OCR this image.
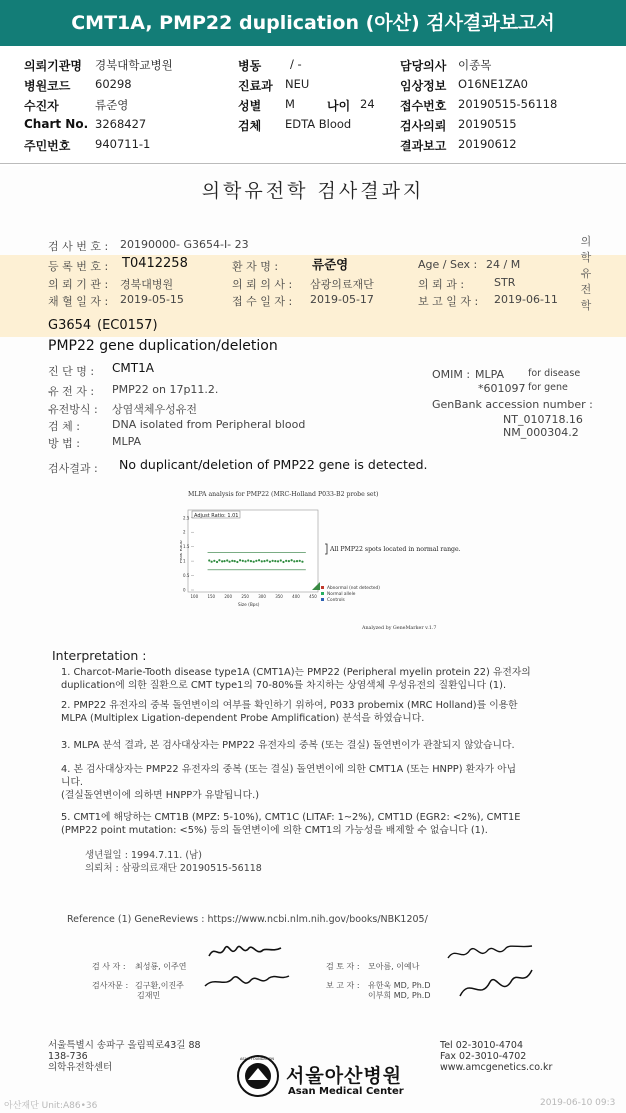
CMT1A, PMP22 duplication (아산) 검사결과보고서
의뢰기관명 경북대학교병원	병동	/ -	담당의사 이종목
병원코드 60298	진료과 NEU	임상정보 O16NE1ZA0
수진자	류준영	성별 M	나이 24 접수번호 20190515-56118
Chart No. 3268427	검체 EDTA Blood	검사의뢰 20190515
주민번호 940711-1	결과보고 20190612
의학유전학 검사결과지
검 사 번 호 : 20190000- G3654-I- 23
등 록 번 호 : T0412258	환 자 명 :	류준영	Age / Sex : 24 / M
의 뢰 기 관 : 경북대병원	의 뢰 의 사 : 삼광의료재단	의 뢰 과 :	STR
채 혈 일 자 : 2019-05-15	접 수 일 자 : 2019-05-17	보 고 일 자 : 2019-06-11
의
학
유
전
학
G3654 (EC0157)
PMP22 gene duplication/deletion
진 단 명 : CMT1A
유 전 자 : PMP22 on 17p11.2.
유전방식 : 상염색체우성유전
검 체 :	DNA isolated from Peripheral blood
방 법 :	MLPA
OMIM : MLPA	for disease
*601097 for gene
GenBank accession number :
NT_010718.16
NM_000304.2
검사결과 : No duplicant/deletion of PMP22 gene is detected.
MLPA analysis for PMP22 (MRC-Holland P033-B2 probe set)
Adjust Ratio: 1.01
Peak Ratio
Size (Bps)
2.5
2
1.5
1
0.5
0
100 150 200 250 300 350 400 450
All PMP22 spots located in normal range.
Abnormal (not detected)
Normal allele
Controls
Analyzed by GeneMarker v.1.7
Interpretation :

1. Charcot-Marie-Tooth disease type1A (CMT1A)는 PMP22 (Peripheral myelin protein 22) 유전자의

duplication에 의한 질환으로 CMT type1의 70-80%를 차지하는 상염색체 우성유전의 질환입니다 (1).

2. PMP22 유전자의 중복 돌연변이의 여부를 확인하기 위하여, P033 probemix (MRC Holland)를 이용한

MLPA (Multiplex Ligation-dependent Probe Amplification) 분석을 하였습니다.

3. MLPA 분석 결과, 본 검사대상자는 PMP22 유전자의 중복 (또는 결실) 돌연변이가 관찰되지 않았습니다.

4. 본 검사대상자는 PMP22 유전자의 중복 (또는 결실) 돌연변이에 의한 CMT1A (또는 HNPP) 환자가 아닙

니다.

(결실돌연변이에 의하면 HNPP가 유발됩니다.)

5. CMT1에 해당하는 CMT1B (MPZ: 5-10%), CMT1C (LITAF: 1~2%), CMT1D (EGR2: <2%), CMT1E

(PMP22 point mutation: <5%) 등의 돌연변이에 의한 CMT1의 가능성을 배제할 수 없습니다 (1).

생년월일 : 1994.7.11. (남)
의뢰처 : 삼광의료재단 20190515-56118
Reference (1) GeneReviews : https://www.ncbi.nlm.nih.gov/books/NBK1205/
검 사 자 : 최성룡, 이주연
검사자문 : 김구환,이진주
김재민
검 토 자 : 모아름, 이예나
보 고 자 : 유한욱 MD, Ph.D
이부희 MD, Ph.D
서울특별시 송파구 올림픽로43길 88
138-736
의학유전학센터
ASAN FOUNDATION
서울아산병원
Asan Medical Center
Tel 02-3010-4704
Fax 02-3010-4702
www.amcgenetics.co.kr
아산재단 Unit:A86•36	2019-06-10 09:3
